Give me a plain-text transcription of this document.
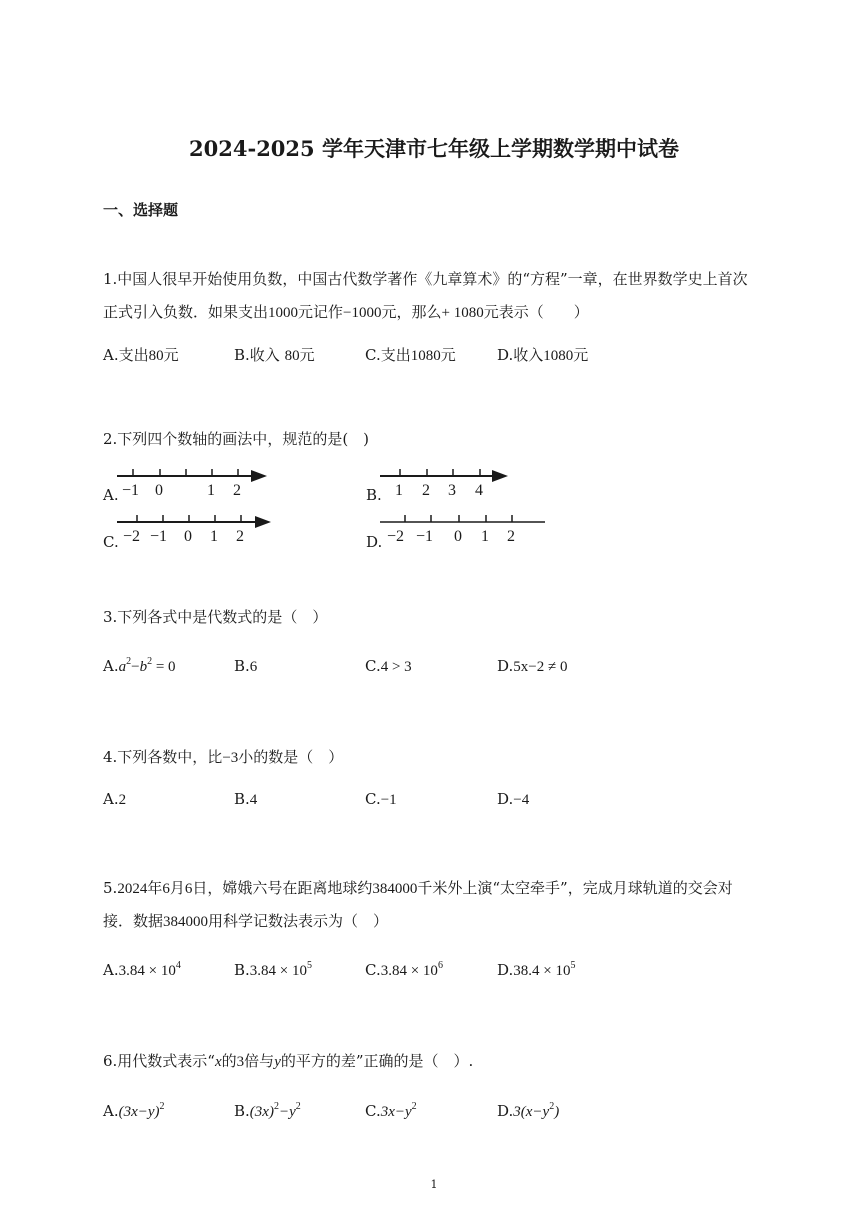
2024-2025 学年天津市七年级上学期数学期中试卷
一、选择题
1.中国人很早开始使用负数，中国古代数学著作《九章算术》的“方程”一章，在世界数学史上首次
正式引入负数．如果支出1000元记作−1000元，那么+ 1080元表示（　　）
A.支出80元	B.收入 80元	C.支出1080元	D.收入1080元
2.下列四个数轴的画法中，规范的是(　)
A.	B.
C.	D.
−1 0	1 2	1 2 3 4
−2 −1 0 1 2	−2 −1 0 1 2
3.下列各式中是代数式的是（　）
$A.a^2-b^2 = 0$	B.6	C.4 > 3	D.5x−2 ≠ 0
4.下列各数中，比−3小的数是（　）
A.2	B.4	C.−1	D.−4
5.2024年6月6日，嫦娥六号在距离地球约384000千米外上演“太空牵手”，完成月球轨道的交会对
接．数据384000用科学记数法表示为（　）
$A.3.84 \times 10^4$	$B.3.84 \times 10^5$	$C.3.84 \times 10^6$	$D.38.4 \times 10^5$
6.用代数式表示“x的3倍与y的平方的差”正确的是（　）.
$A.(3x-y)^2$	$B.(3x)^2-y^2$	$C.3x-y^2$	$D.3(x-y^2)$
1
